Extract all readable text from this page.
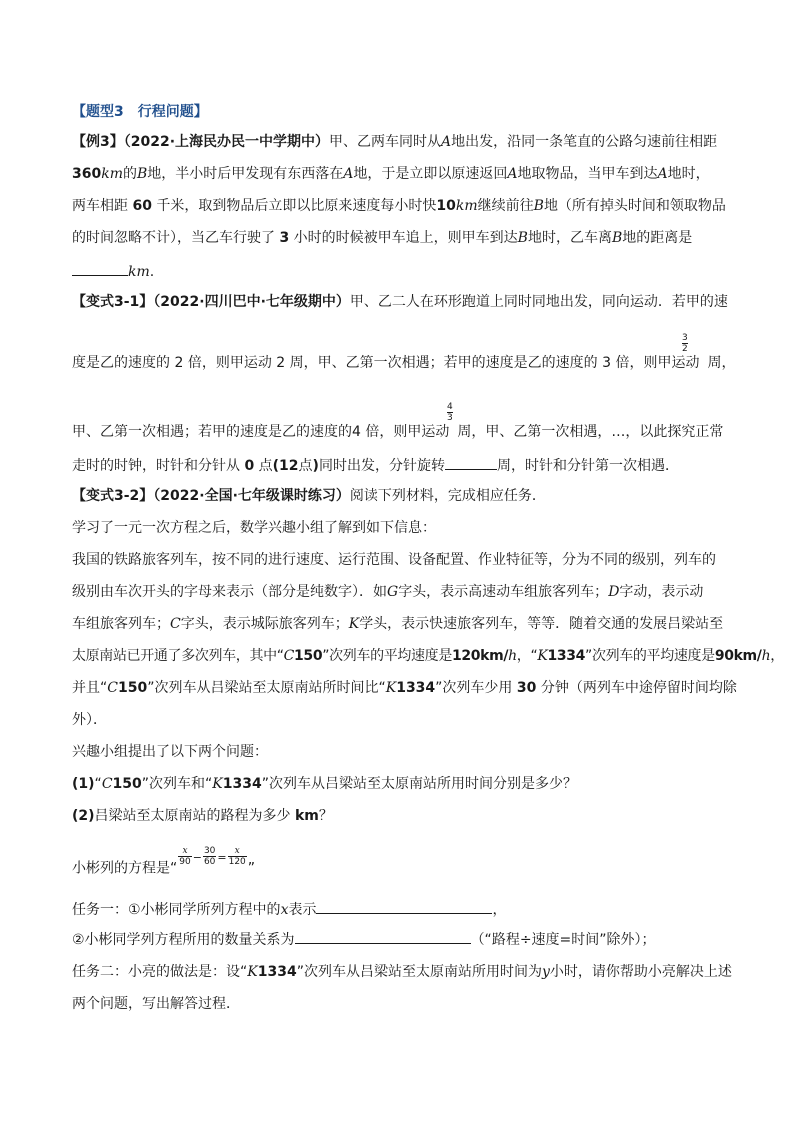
【题型3　行程问题】
【例3】（2022·上海民办民一中学期中）甲、乙两车同时从A地出发，沿同一条笔直的公路匀速前往相距
360km的B地，半小时后甲发现有东西落在A地，于是立即以原速返回A地取物品，当甲车到达A地时，
两车相距 60 千米，取到物品后立即以比原来速度每小时快10km继续前往B地（所有掉头时间和领取物品
的时间忽略不计），当乙车行驶了 3 小时的时候被甲车追上，则甲车到达B地时，乙车离B地的距离是
km.
【变式3-1】（2022·四川巴中·七年级期中）甲、乙二人在环形跑道上同时同地出发，同向运动．若甲的速
$\frac{3}{2}$
度是乙的速度的 2 倍，则甲运动 2 周，甲、乙第一次相遇；若甲的速度是乙的速度的 3 倍，则甲运动 周，
$\frac{4}{3}$
甲、乙第一次相遇；若甲的速度是乙的速度的4 倍，则甲运动 周，甲、乙第一次相遇，…，以此探究正常
走时的时钟，时针和分针从 0 点(12点)同时出发，分针旋转	周，时针和分针第一次相遇．
【变式3-2】（2022·全国·七年级课时练习）阅读下列材料，完成相应任务．
学习了一元一次方程之后，数学兴趣小组了解到如下信息：
我国的铁路旅客列车，按不同的进行速度、运行范围、设备配置、作业特征等，分为不同的级别，列车的
级别由车次开头的字母来表示（部分是纯数字）．如G字头，表示高速动车组旅客列车；D字动，表示动
车组旅客列车；C字头，表示城际旅客列车；K学头，表示快速旅客列车，等等．随着交通的发展吕梁站至
太原南站已开通了多次列车，其中“C150”次列车的平均速度是120km/h，“K1334”次列车的平均速度是90km/h，
并且“C150”次列车从吕梁站至太原南站所时间比“K1334”次列车少用 30 分钟（两列车中途停留时间均除
外）．
兴趣小组提出了以下两个问题：
(1)“C150”次列车和“K1334”次列车从吕梁站至太原南站所用时间分别是多少？
(2)吕梁站至太原南站的路程为多少 km？
小彬列的方程是“
$\frac{x}{90} ^- \frac{30}{60} ^= \frac{x}{120}$
”
任务一：①小彬同学所列方程中的x表示	，
②小彬同学列方程所用的数量关系为	（“路程÷速度=时间”除外）；
任务二：小亮的做法是：设“K1334”次列车从吕梁站至太原南站所用时间为y小时，请你帮助小亮解决上述
两个问题，写出解答过程．
